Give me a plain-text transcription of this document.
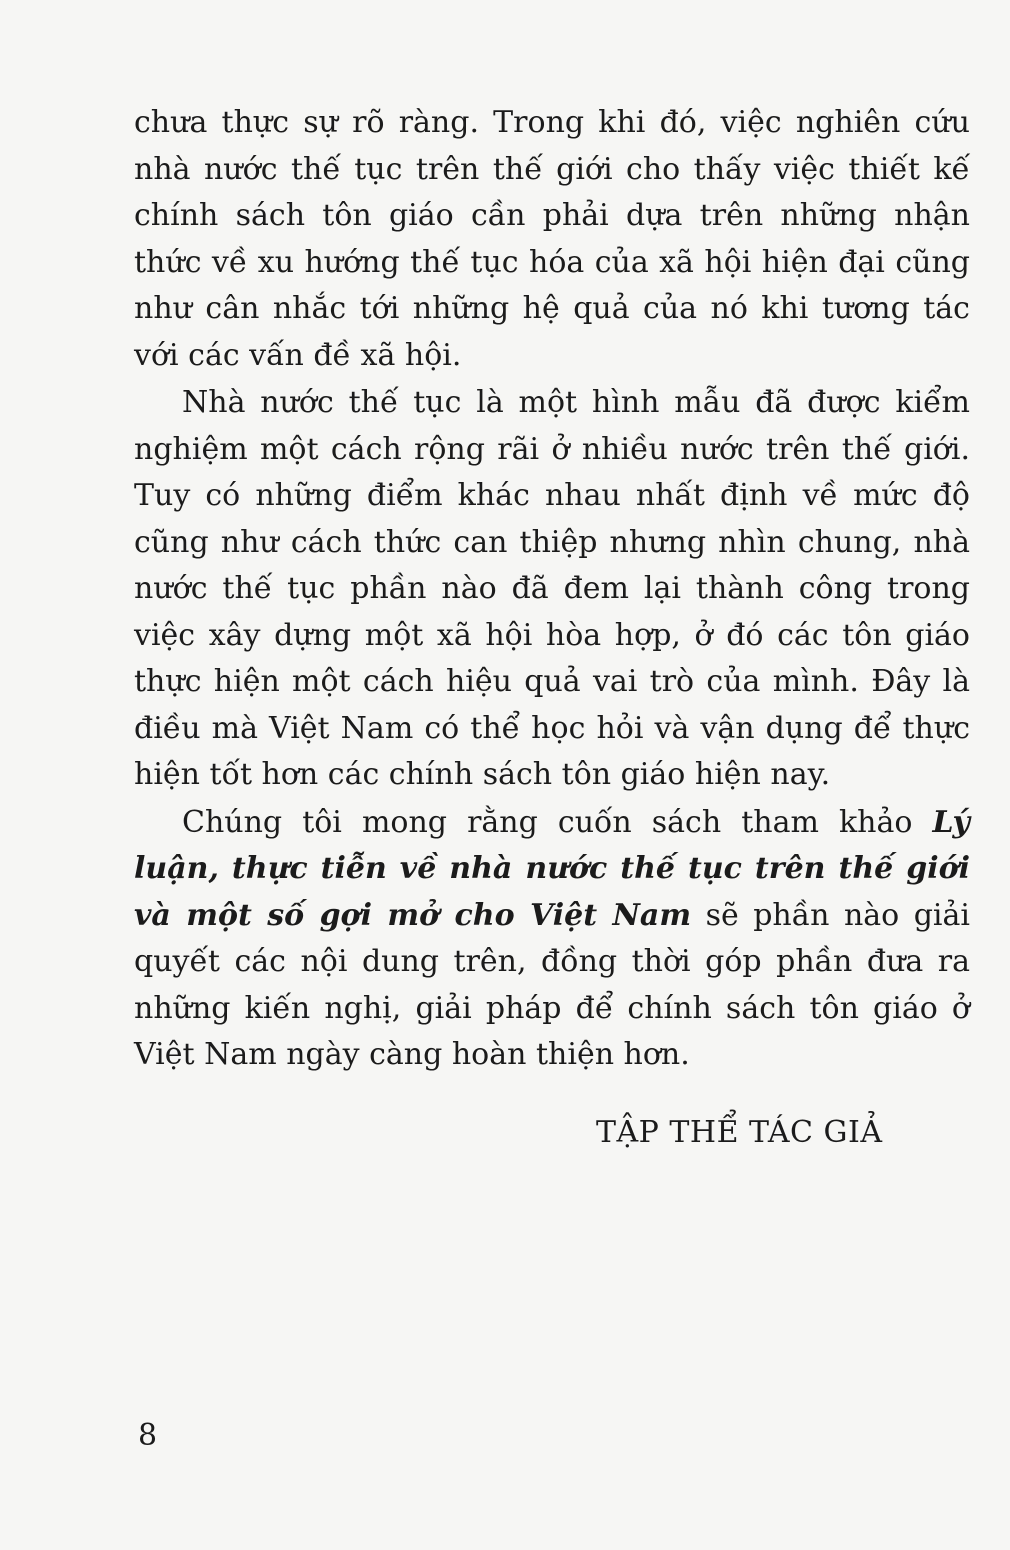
chưa thực sự rõ ràng. Trong khi đó, việc nghiên cứu nhà nước thế tục trên thế giới cho thấy việc thiết kế chính sách tôn giáo cần phải dựa trên những nhận thức về xu hướng thế tục hóa của xã hội hiện đại cũng như cân nhắc tới những hệ quả của nó khi tương tác với các vấn đề xã hội.

Nhà nước thế tục là một hình mẫu đã được kiểm nghiệm một cách rộng rãi ở nhiều nước trên thế giới. Tuy có những điểm khác nhau nhất định về mức độ cũng như cách thức can thiệp nhưng nhìn chung, nhà nước thế tục phần nào đã đem lại thành công trong việc xây dựng một xã hội hòa hợp, ở đó các tôn giáo thực hiện một cách hiệu quả vai trò của mình. Đây là điều mà Việt Nam có thể học hỏi và vận dụng để thực hiện tốt hơn các chính sách tôn giáo hiện nay.

Chúng tôi mong rằng cuốn sách tham khảo Lý luận, thực tiễn về nhà nước thế tục trên thế giới và một số gợi mở cho Việt Nam sẽ phần nào giải quyết các nội dung trên, đồng thời góp phần đưa ra những kiến nghị, giải pháp để chính sách tôn giáo ở Việt Nam ngày càng hoàn thiện hơn.

TẬP THỂ TÁC GIẢ
8
